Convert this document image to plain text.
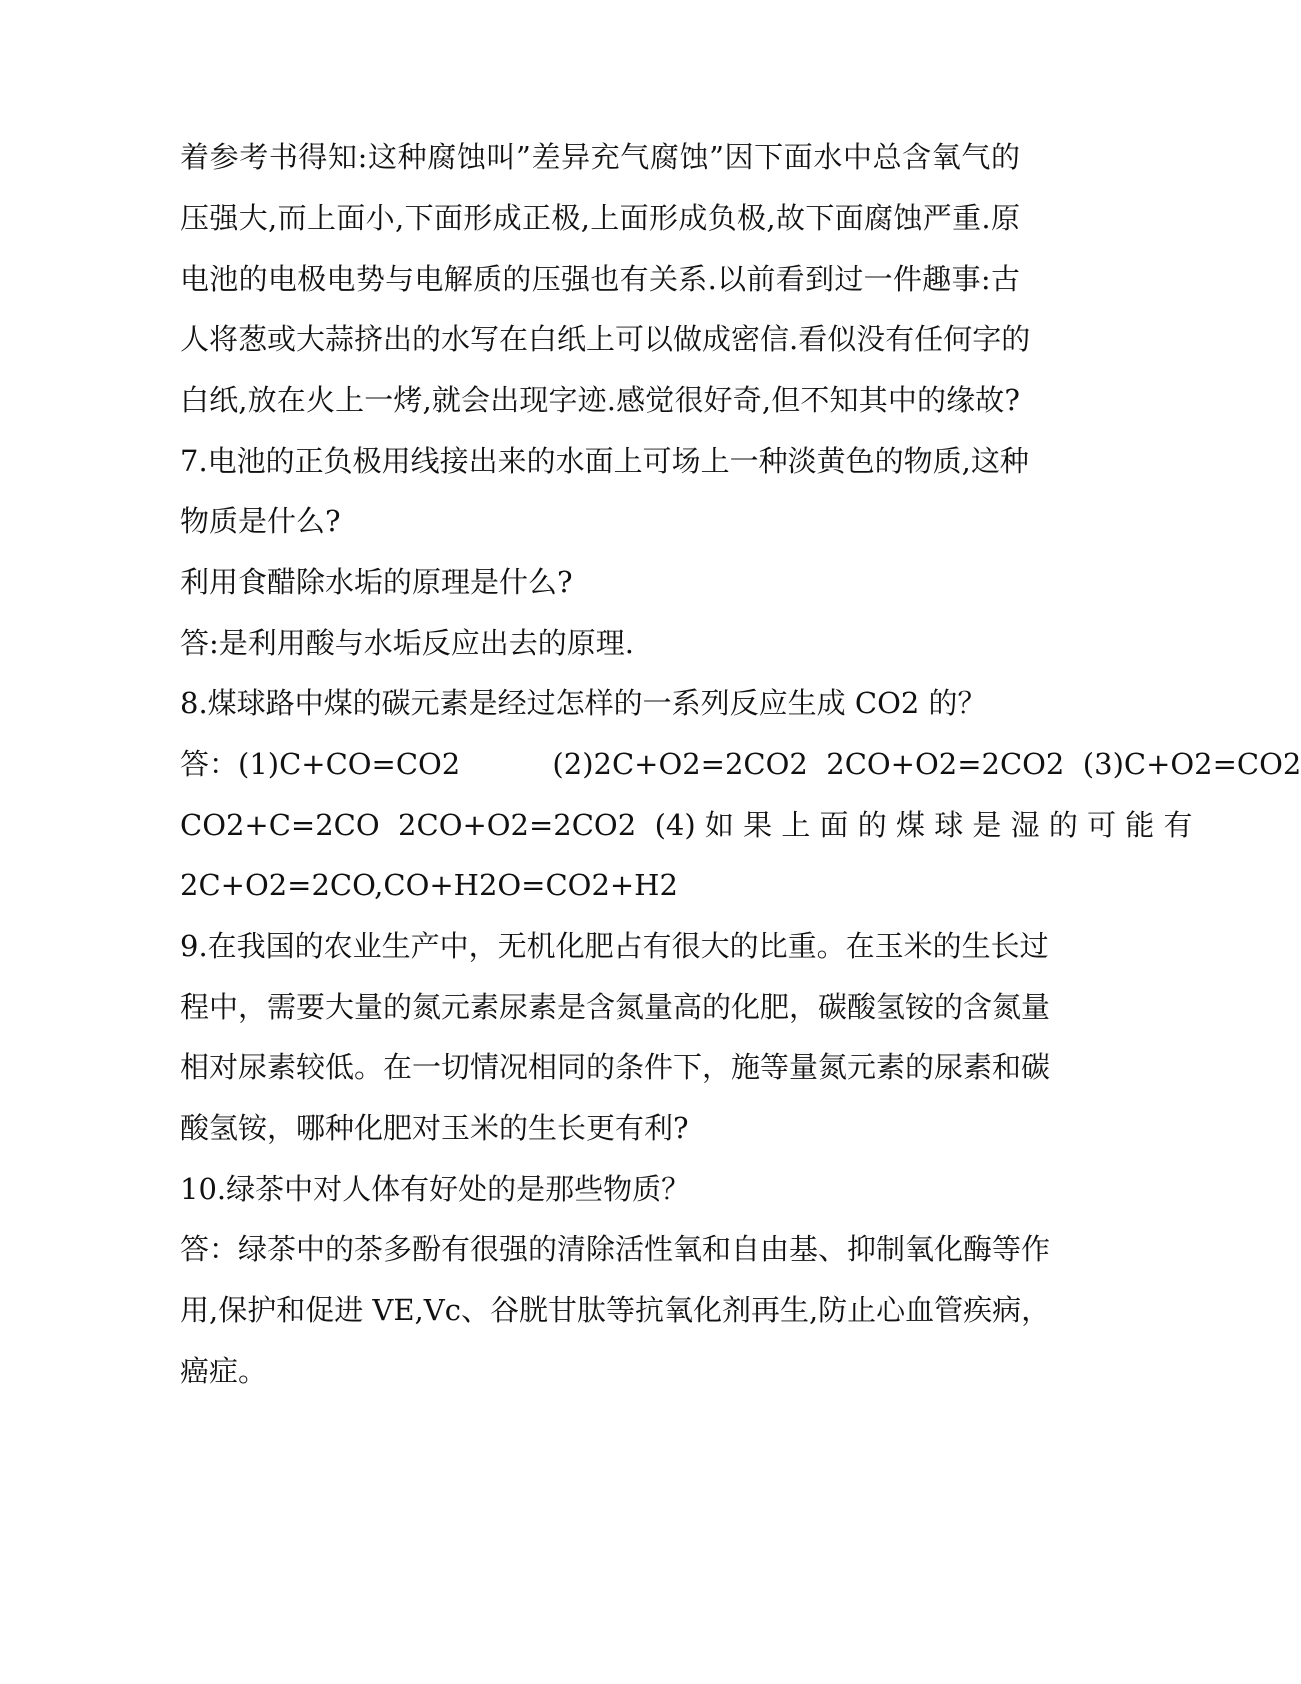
着参考书得知:这种腐蚀叫”差异充气腐蚀”因下面水中总含氧气的
压强大,而上面小,下面形成正极,上面形成负极,故下面腐蚀严重.原
电池的电极电势与电解质的压强也有关系.以前看到过一件趣事:古
人将葱或大蒜挤出的水写在白纸上可以做成密信.看似没有任何字的
白纸,放在火上一烤,就会出现字迹.感觉很好奇,但不知其中的缘故?
7.电池的正负极用线接出来的水面上可场上一种淡黄色的物质,这种
物质是什么?
利用食醋除水垢的原理是什么?
答:是利用酸与水垢反应出去的原理.
8.煤球路中煤的碳元素是经过怎样的一系列反应生成 CO2 的？
答：(1)C+CO=CO2          (2)2C+O2=2CO2  2CO+O2=2CO2  (3)C+O2=CO2
CO2+C=2CO  2CO+O2=2CO2  (4) 如 果 上 面 的 煤 球 是 湿 的 可 能 有
2C+O2=2CO,CO+H2O=CO2+H2
9.在我国的农业生产中，无机化肥占有很大的比重。在玉米的生长过
程中，需要大量的氮元素尿素是含氮量高的化肥，碳酸氢铵的含氮量
相对尿素较低。在一切情况相同的条件下，施等量氮元素的尿素和碳
酸氢铵，哪种化肥对玉米的生长更有利?
10.绿茶中对人体有好处的是那些物质？
答：绿茶中的茶多酚有很强的清除活性氧和自由基、抑制氧化酶等作
用,保护和促进 VE,Vc、谷胱甘肽等抗氧化剂再生,防止心血管疾病，
癌症。
